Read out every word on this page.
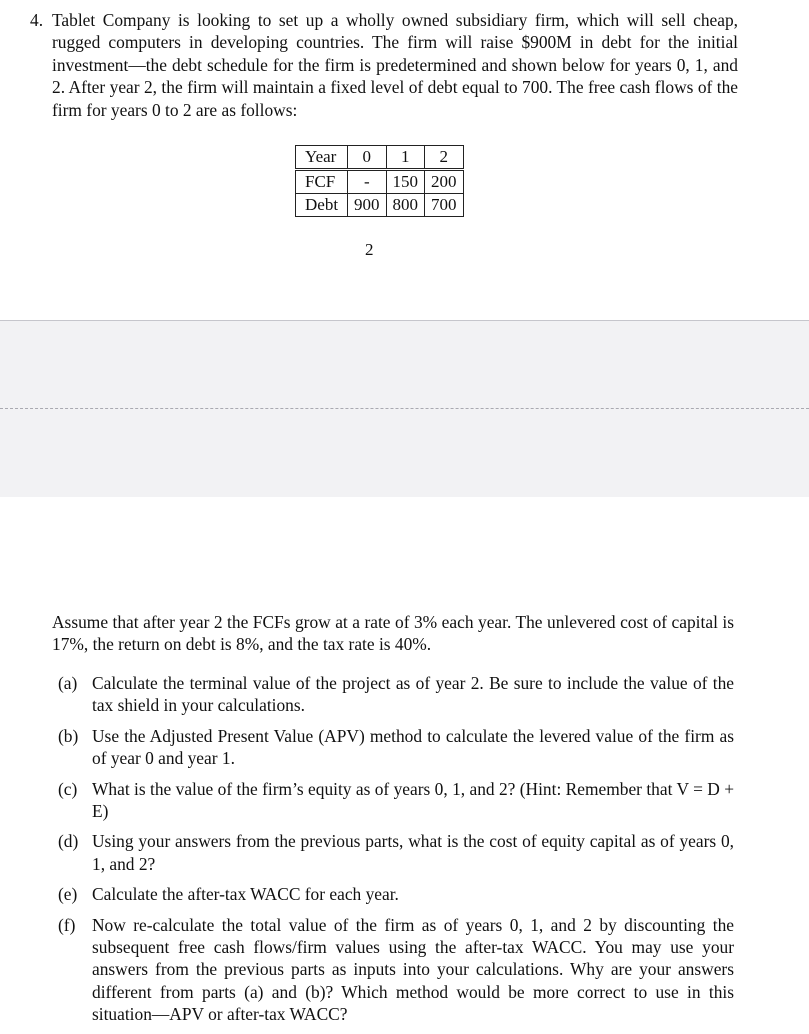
4. Tablet Company is looking to set up a wholly owned subsidiary firm, which will sell cheap, rugged computers in developing countries. The firm will raise $900M in debt for the initial investment—the debt schedule for the firm is predetermined and shown below for years 0, 1, and 2. After year 2, the firm will maintain a fixed level of debt equal to 700. The free cash flows of the firm for years 0 to 2 are as follows:
Year	0	1	2
FCF	-	150	200
Debt	900	800	700
2
Assume that after year 2 the FCFs grow at a rate of 3% each year. The unlevered cost of capital is 17%, the return on debt is 8%, and the tax rate is 40%.
(a) Calculate the terminal value of the project as of year 2. Be sure to include the value of the tax shield in your calculations.
(b) Use the Adjusted Present Value (APV) method to calculate the levered value of the firm as of year 0 and year 1.
(c) What is the value of the firm’s equity as of years 0, 1, and 2? (Hint: Remember that V = D + E)
(d) Using your answers from the previous parts, what is the cost of equity capital as of years 0, 1, and 2?
(e) Calculate the after-tax WACC for each year.
(f) Now re-calculate the total value of the firm as of years 0, 1, and 2 by discounting the subsequent free cash flows/firm values using the after-tax WACC. You may use your answers from the previous parts as inputs into your calculations. Why are your answers different from parts (a) and (b)? Which method would be more correct to use in this situation—APV or after-tax WACC?
